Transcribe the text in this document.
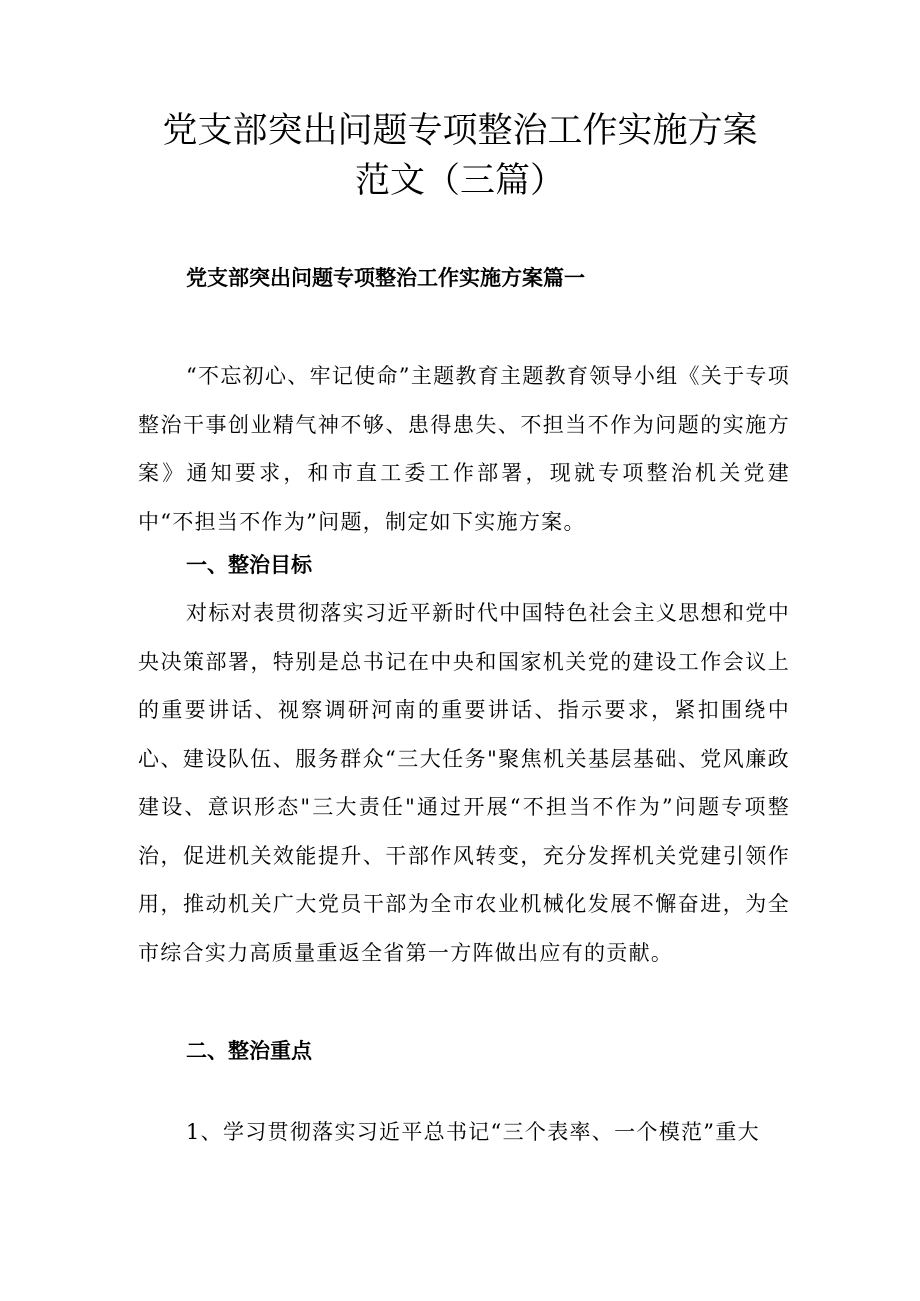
党支部突出问题专项整治工作实施方案
范文（三篇）
党支部突出问题专项整治工作实施方案篇一

“不忘初心、牢记使命”主题教育主题教育领导小组《关于专项整治干事创业精气神不够、患得患失、不担当不作为问题的实施方案》通知要求，和市直工委工作部署，现就专项整治机关党建中“不担当不作为”问题，制定如下实施方案。

一、整治目标

对标对表贯彻落实习近平新时代中国特色社会主义思想和党中央决策部署，特别是总书记在中央和国家机关党的建设工作会议上的重要讲话、视察调研河南的重要讲话、指示要求，紧扣围绕中心、建设队伍、服务群众“三大任务"聚焦机关基层基础、党风廉政建设、意识形态"三大责任"通过开展“不担当不作为”问题专项整治，促进机关效能提升、干部作风转变，充分发挥机关党建引领作用，推动机关广大党员干部为全市农业机械化发展不懈奋进，为全市综合实力高质量重返全省第一方阵做出应有的贡献。

二、整治重点

1、学习贯彻落实习近平总书记“三个表率、一个模范”重大
